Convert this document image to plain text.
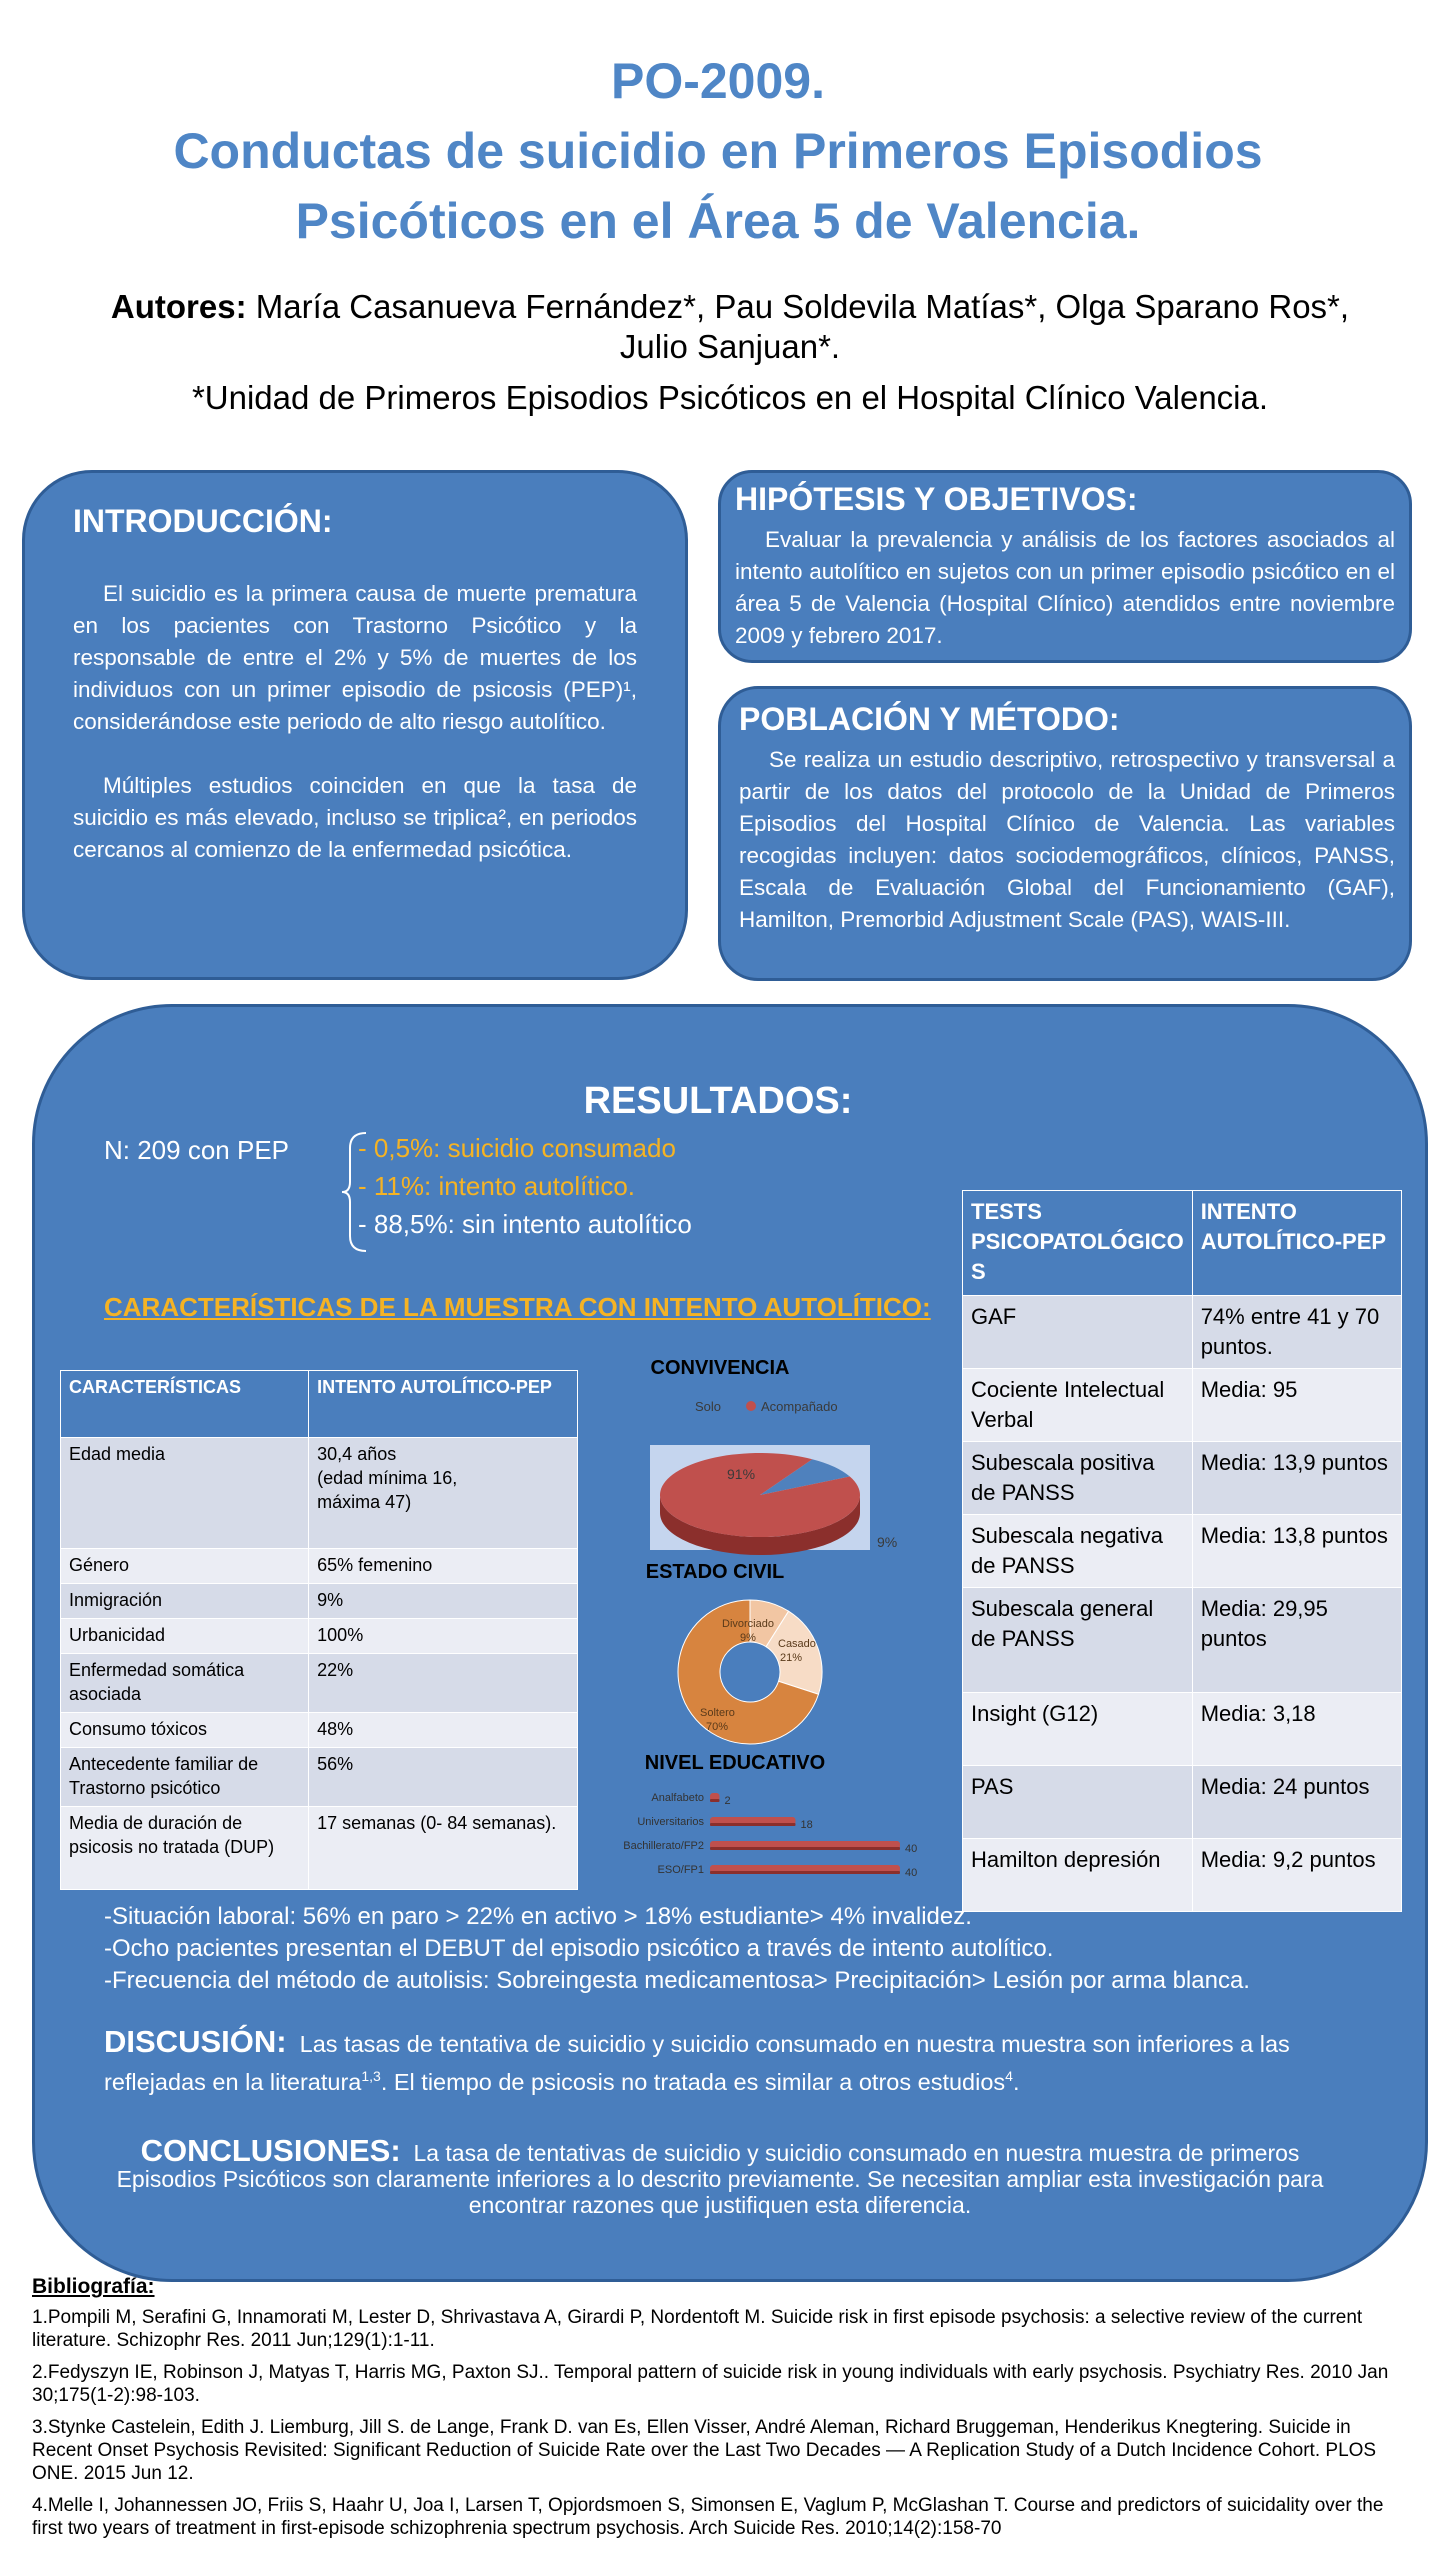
PO-2009.
Conductas de suicidio en Primeros Episodios
Psicóticos en el Área 5 de Valencia.
Autores: María Casanueva Fernández*, Pau Soldevila Matías*, Olga Sparano Ros*,
Julio Sanjuan*.
*Unidad de Primeros Episodios Psicóticos en el Hospital Clínico Valencia.
INTRODUCCIÓN:

El suicidio es la primera causa de muerte prematura en los pacientes con Trastorno Psicótico y la responsable de entre el 2% y 5% de muertes de los individuos con un primer episodio de psicosis (PEP)¹, considerándose este periodo de alto riesgo autolítico.

Múltiples estudios coinciden en que la tasa de suicidio es más elevado, incluso se triplica², en periodos cercanos al comienzo de la enfermedad psicótica.

HIPÓTESIS Y OBJETIVOS:

Evaluar la prevalencia y análisis de los factores asociados al intento autolítico en sujetos con un primer episodio psicótico en el área 5 de Valencia (Hospital Clínico) atendidos entre noviembre 2009 y febrero 2017.

POBLACIÓN Y MÉTODO:

Se realiza un estudio descriptivo, retrospectivo y transversal a partir de los datos del protocolo de la Unidad de Primeros Episodios del Hospital Clínico de Valencia. Las variables recogidas incluyen: datos sociodemográficos, clínicos, PANSS, Escala de Evaluación Global del Funcionamiento (GAF), Hamilton, Premorbid Adjustment Scale (PAS), WAIS-III.

RESULTADOS:
N: 209 con PEP	- 0,5%: suicidio consumado
- 11%: intento autolítico.
- 88,5%: sin intento autolítico
CARACTERÍSTICAS DE LA MUESTRA CON INTENTO AUTOLÍTICO:
CARACTERÍSTICAS	INTENTO AUTOLÍTICO-PEP
Edad media	30,4 años
(edad mínima 16,
máxima 47)
Género	65% femenino
Inmigración	9%
Urbanicidad	100%
Enfermedad somática asociada	22%
Consumo tóxicos	48%
Antecedente familiar de Trastorno psicótico	56%
Media de duración de psicosis no tratada (DUP)	17 semanas (0- 84 semanas).
TESTS PSICOPATOLÓGICO S	INTENTO AUTOLÍTICO-PEP
GAF	74% entre 41 y 70 puntos.
Cociente Intelectual Verbal	Media: 95
Subescala positiva de PANSS	Media: 13,9 puntos
Subescala negativa de PANSS	Media: 13,8 puntos
Subescala general de PANSS	Media: 29,95 puntos
Insight (G12)	Media: 3,18
PAS	Media: 24 puntos
Hamilton depresión	Media: 9,2 puntos
CONVIVENCIA
Solo	Acompañado
91%
9%
ESTADO CIVIL
Divorciado
9% Casado
21%
Soltero
70%
NIVEL EDUCATIVO
Analfabeto 2
Universitarios	18
Bachillerato/FP2	40
ESO/FP1	40
-Situación laboral: 56% en paro > 22% en activo > 18% estudiante> 4% invalidez.
-Ocho pacientes presentan el DEBUT del episodio psicótico a través de intento autolítico.
-Frecuencia del método de autolisis: Sobreingesta medicamentosa> Precipitación> Lesión por arma blanca.
DISCUSIÓN: Las tasas de tentativa de suicidio y suicidio consumado en nuestra muestra son inferiores a las reflejadas en la literatura$^{1,3}$. El tiempo de psicosis no tratada es similar a otros estudios$^4$.
CONCLUSIONES: La tasa de tentativas de suicidio y suicidio consumado en nuestra muestra de primeros Episodios Psicóticos son claramente inferiores a lo descrito previamente. Se necesitan ampliar esta investigación para encontrar razones que justifiquen esta diferencia.
Bibliografía:

1.Pompili M, Serafini G, Innamorati M, Lester D, Shrivastava A, Girardi P, Nordentoft M. Suicide risk in first episode psychosis: a selective review of the current literature. Schizophr Res. 2011 Jun;129(1):1-11.

2.Fedyszyn IE, Robinson J, Matyas T, Harris MG, Paxton SJ.. Temporal pattern of suicide risk in young individuals with early psychosis. Psychiatry Res. 2010 Jan 30;175(1-2):98-103.

3.Stynke Castelein, Edith J. Liemburg, Jill S. de Lange, Frank D. van Es, Ellen Visser, André Aleman, Richard Bruggeman, Henderikus Knegtering. Suicide in Recent Onset Psychosis Revisited: Significant Reduction of Suicide Rate over the Last Two Decades — A Replication Study of a Dutch Incidence Cohort. PLOS ONE. 2015 Jun 12.

4.Melle I, Johannessen JO, Friis S, Haahr U, Joa I, Larsen T, Opjordsmoen S, Simonsen E, Vaglum P, McGlashan T. Course and predictors of suicidality over the first two years of treatment in first-episode schizophrenia spectrum psychosis. Arch Suicide Res. 2010;14(2):158-70
